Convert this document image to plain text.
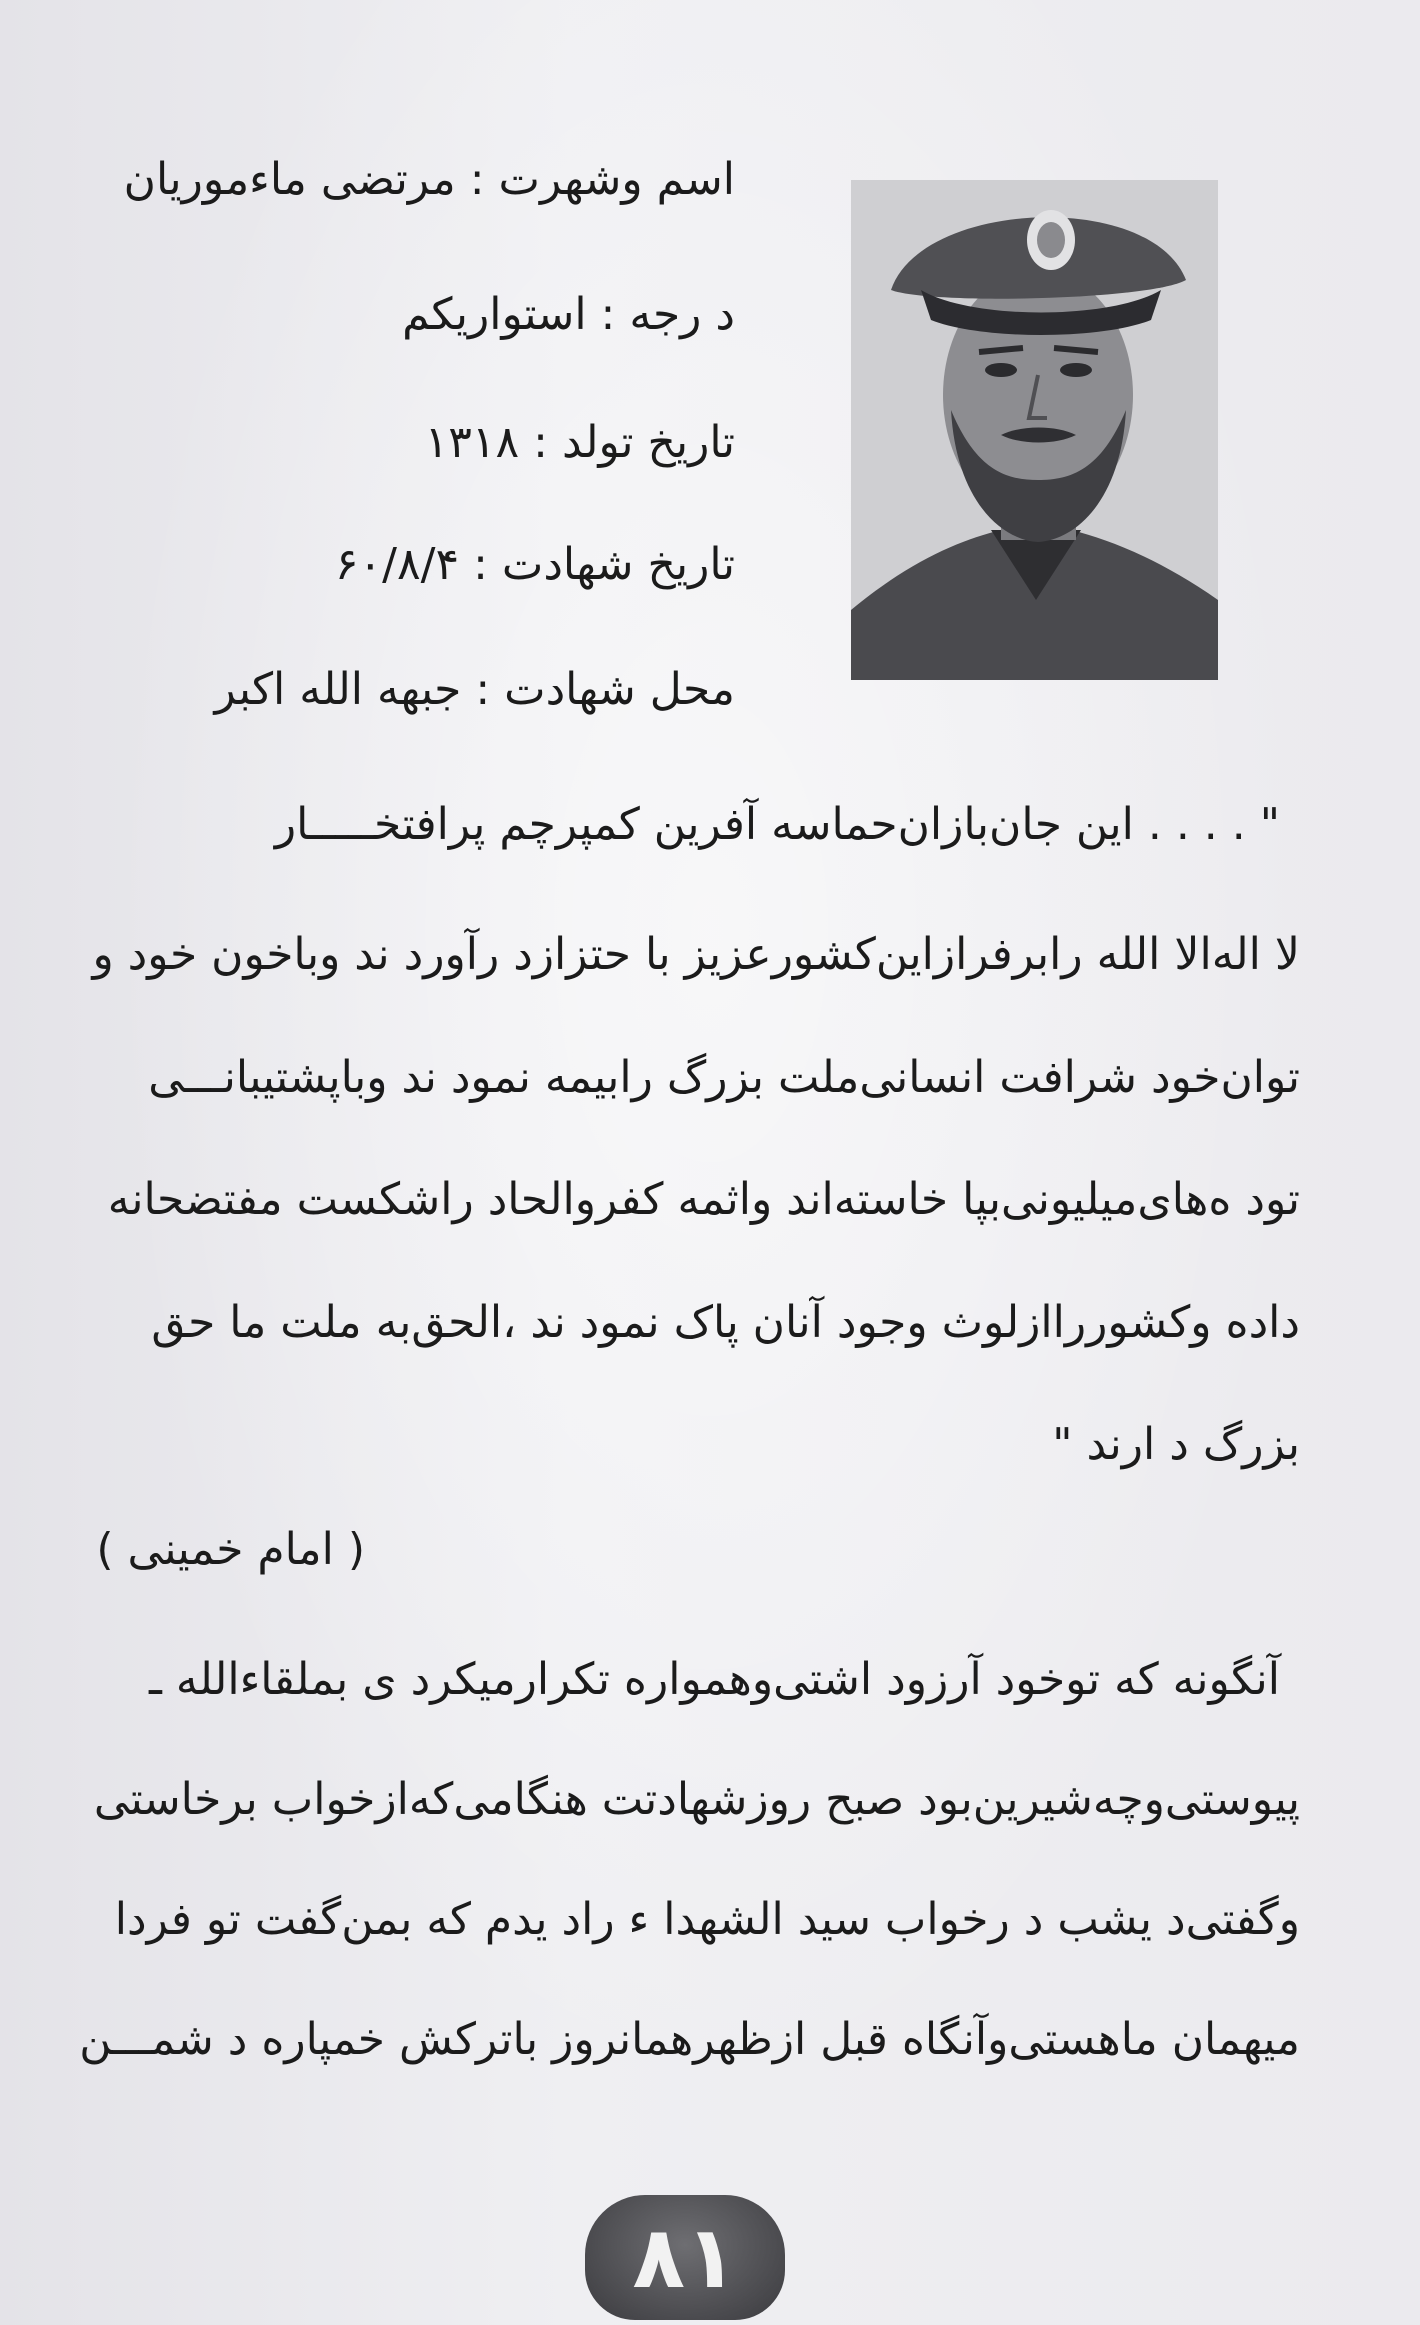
اسم وشهرت : مرتضی ماءموریان
د رجه : استواریکم
تاریخ تولد : ۱۳۱۸
تاریخ شهادت : ۶۰/۸/۴
محل شهادت : جبهه الله اکبر
" . . . . این جان‌بازان‌حماسه آفرین کمپرچم پرافتخـــــار
لا اله‌الا الله رابرفرازاین‌کشورعزیز با حتزازد رآورد ند وباخون خود و
توان‌خود شرافت انسانی‌ملت بزرگ رابیمه نمود ند وباپشتیبانـــی
تود ه‌های‌میلیونی‌بپا خاسته‌اند واثمه کفروالحاد راشکست مفتضحانه
داده وکشورراازلوث وجود آنان پاک نمود ند ،الحق‌به ملت ما حق
بزرگ د ارند "
( امام خمینی )
آنگونه که توخود آرزود اشتی‌وهمواره تکرارمیکرد ی بملقاءالله ـ
پیوستی‌وچه‌شیرین‌بود صبح روزشهادتت هنگامی‌که‌ازخواب برخاستی
وگفتی‌د یشب د رخواب سید الشهدا ء راد یدم که بمن‌گفت تو فردا
میهمان ماهستی‌وآنگاه قبل ازظهرهمانروز باترکش خمپاره د شمـــن
۸۱
